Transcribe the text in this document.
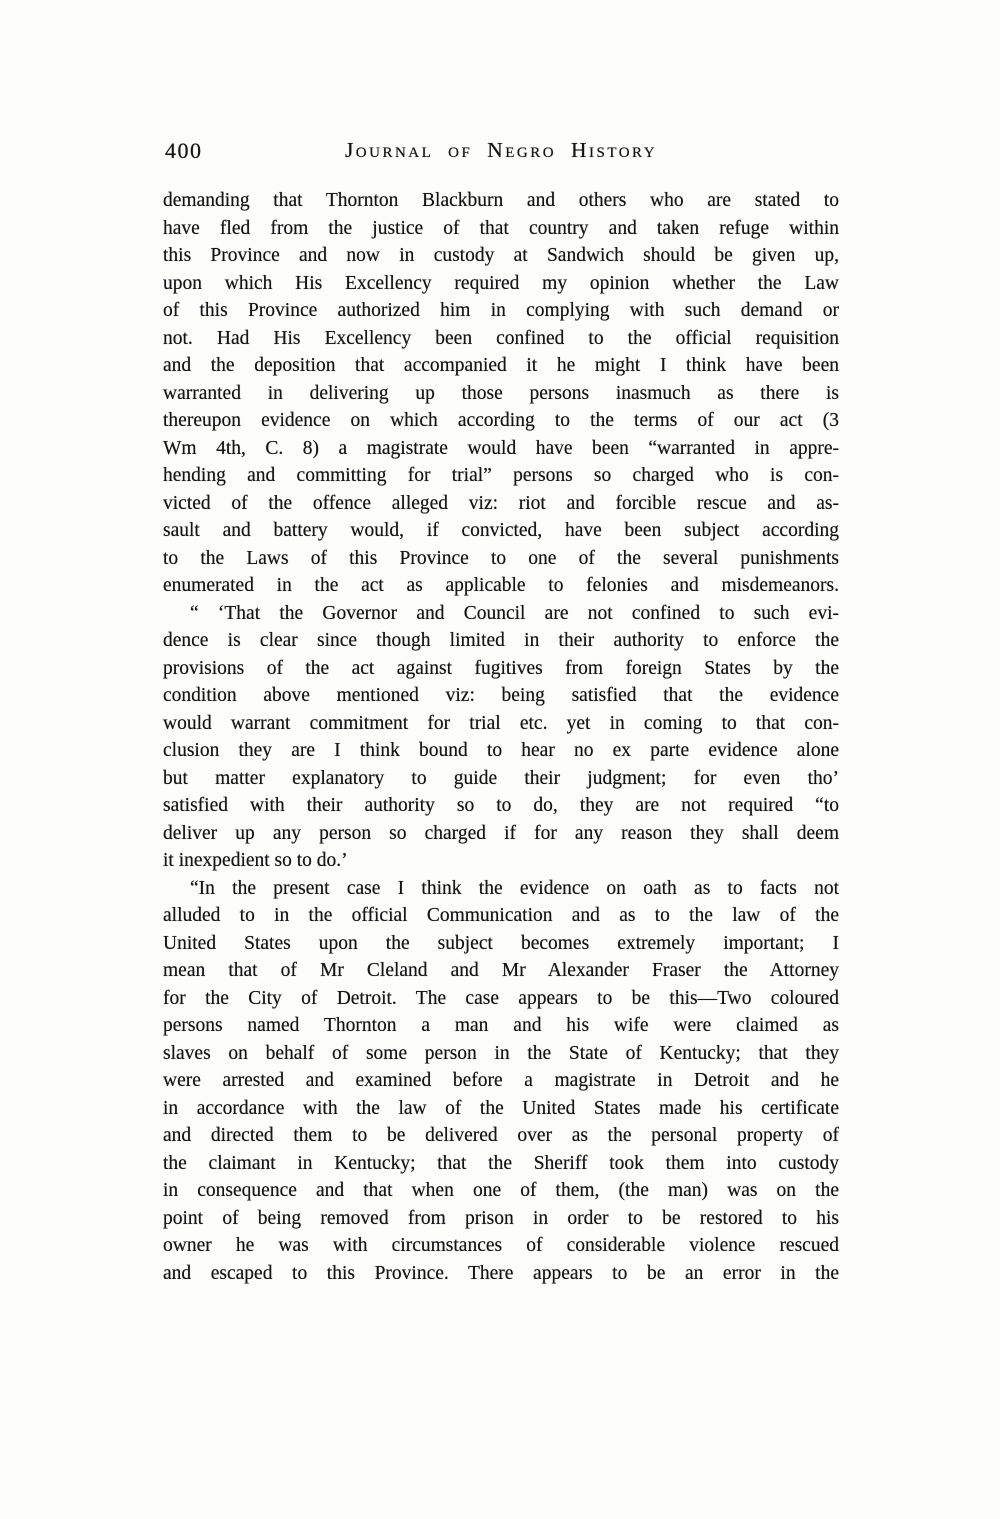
400	Journal of Negro History
demanding that Thornton Blackburn and others who are stated to
have fled from the justice of that country and taken refuge within
this Province and now in custody at Sandwich should be given up,
upon which His Excellency required my opinion whether the Law
of this Province authorized him in complying with such demand or
not. Had His Excellency been confined to the official requisition
and the deposition that accompanied it he might I think have been
warranted in delivering up those persons inasmuch as there is
thereupon evidence on which according to the terms of our act (3
Wm 4th, C. 8) a magistrate would have been “warranted in appre-
hending and committing for trial” persons so charged who is con-
victed of the offence alleged viz: riot and forcible rescue and as-
sault and battery would, if convicted, have been subject according
to the Laws of this Province to one of the several punishments
enumerated in the act as applicable to felonies and misdemeanors.
“ ‘That the Governor and Council are not confined to such evi-
dence is clear since though limited in their authority to enforce the
provisions of the act against fugitives from foreign States by the
condition above mentioned viz: being satisfied that the evidence
would warrant commitment for trial etc. yet in coming to that con-
clusion they are I think bound to hear no ex parte evidence alone
but matter explanatory to guide their judgment; for even tho’
satisfied with their authority so to do, they are not required “to
deliver up any person so charged if for any reason they shall deem
it inexpedient so to do.’
“In the present case I think the evidence on oath as to facts not
alluded to in the official Communication and as to the law of the
United States upon the subject becomes extremely important; I
mean that of Mr Cleland and Mr Alexander Fraser the Attorney
for the City of Detroit. The case appears to be this—Two coloured
persons named Thornton a man and his wife were claimed as
slaves on behalf of some person in the State of Kentucky; that they
were arrested and examined before a magistrate in Detroit and he
in accordance with the law of the United States made his certificate
and directed them to be delivered over as the personal property of
the claimant in Kentucky; that the Sheriff took them into custody
in consequence and that when one of them, (the man) was on the
point of being removed from prison in order to be restored to his
owner he was with circumstances of considerable violence rescued
and escaped to this Province. There appears to be an error in the
